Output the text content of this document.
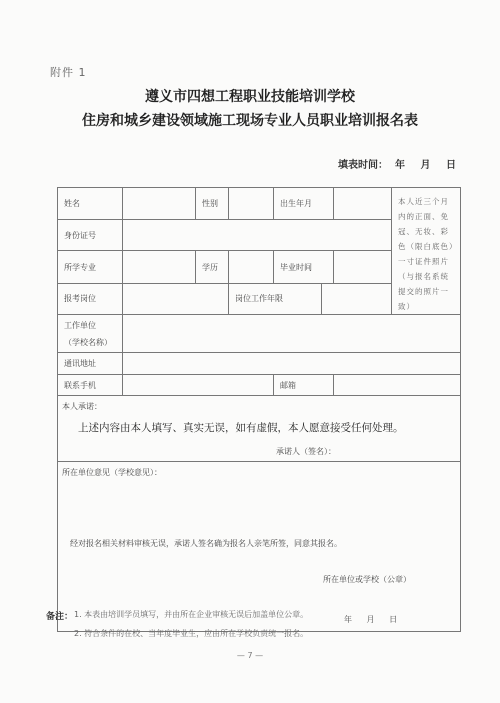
附件 1
遵义市四想工程职业技能培训学校
住房和城乡建设领域施工现场专业人员职业培训报名表
填表时间： 年 月 日
姓名		性别		出生年月			本人近三个月内的正面、免冠、无妆、彩色（限白底色）一寸证件照片（与报名系统提交的照片一致）
身份证号							
所学专业		学历		毕业时间			
报考岗位			岗位工作年限				
工作单位
（学校名称）							
通讯地址							
联系手机				邮箱			

本人承诺：
上述内容由本人填写、真实无误，如有虚假，本人愿意接受任何处理。
承诺人（签名）：							

所在单位意见（学校意见）：
经对报名相关材料审核无误，承诺人签名确为报名人亲笔所签，同意其报名。
所在单位或学校（公章）
年 月 日							
备注： 1. 本表由培训学员填写，并由所在企业审核无误后加盖单位公章。
2. 符合条件的在校、当年度毕业生，应由所在学校负责统一报名。
— 7 —
